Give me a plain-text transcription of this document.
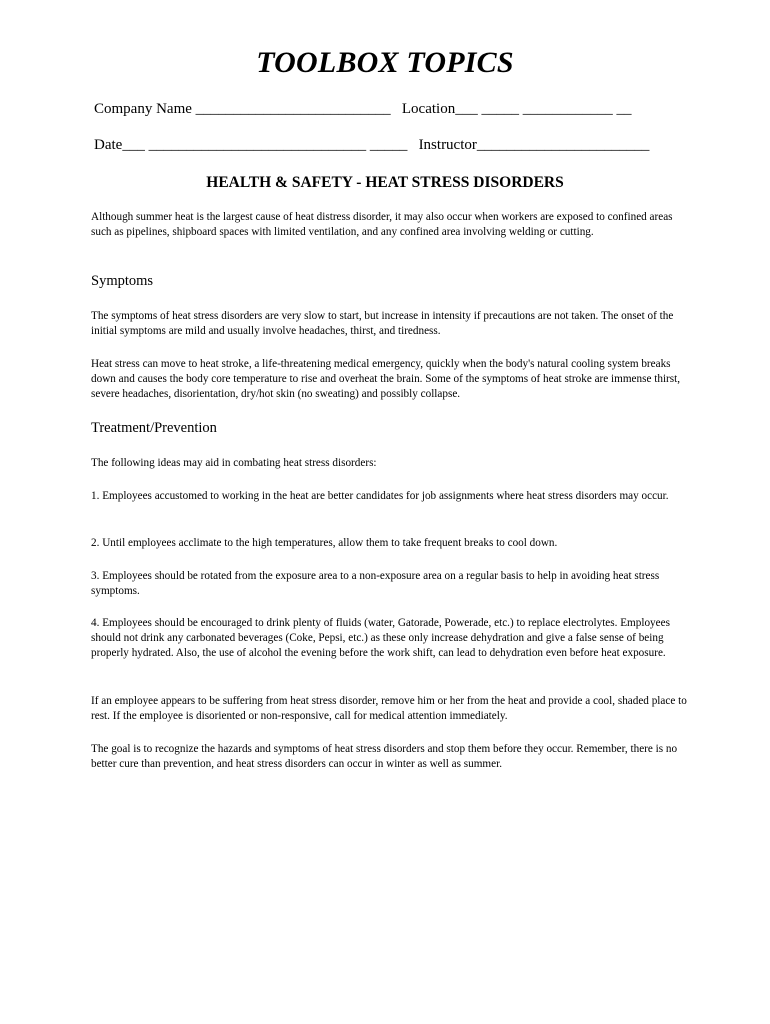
TOOLBOX TOPICS
Company Name __________________________   Location___ _____ ____________ __
Date___ _____________________________ _____   Instructor_______________________
HEALTH & SAFETY - HEAT STRESS DISORDERS
Although summer heat is the largest cause of heat distress disorder, it may also occur when workers are exposed to confined areas such as pipelines, shipboard spaces with limited ventilation, and any confined area involving welding or cutting.
Symptoms
The symptoms of heat stress disorders are very slow to start, but increase in intensity if precautions are not taken. The onset of the initial symptoms are mild and usually involve headaches, thirst, and tiredness.
Heat stress can move to heat stroke, a life-threatening medical emergency, quickly when the body's natural cooling system breaks down and causes the body core temperature to rise and overheat the brain. Some of the symptoms of heat stroke are immense thirst, severe headaches, disorientation, dry/hot skin (no sweating) and possibly collapse.
Treatment/Prevention
The following ideas may aid in combating heat stress disorders:
1. Employees accustomed to working in the heat are better candidates for job assignments where heat stress disorders may occur.
2. Until employees acclimate to the high temperatures, allow them to take frequent breaks to cool down.
3. Employees should be rotated from the exposure area to a non-exposure area on a regular basis to help in avoiding heat stress symptoms.
4. Employees should be encouraged to drink plenty of fluids (water, Gatorade, Powerade, etc.) to replace electrolytes. Employees should not drink any carbonated beverages (Coke, Pepsi, etc.) as these only increase dehydration and give a false sense of being properly hydrated. Also, the use of alcohol the evening before the work shift, can lead to dehydration even before heat exposure.
If an employee appears to be suffering from heat stress disorder, remove him or her from the heat and provide a cool, shaded place to rest. If the employee is disoriented or non-responsive, call for medical attention immediately.
The goal is to recognize the hazards and symptoms of heat stress disorders and stop them before they occur. Remember, there is no better cure than prevention, and heat stress disorders can occur in winter as well as summer.
